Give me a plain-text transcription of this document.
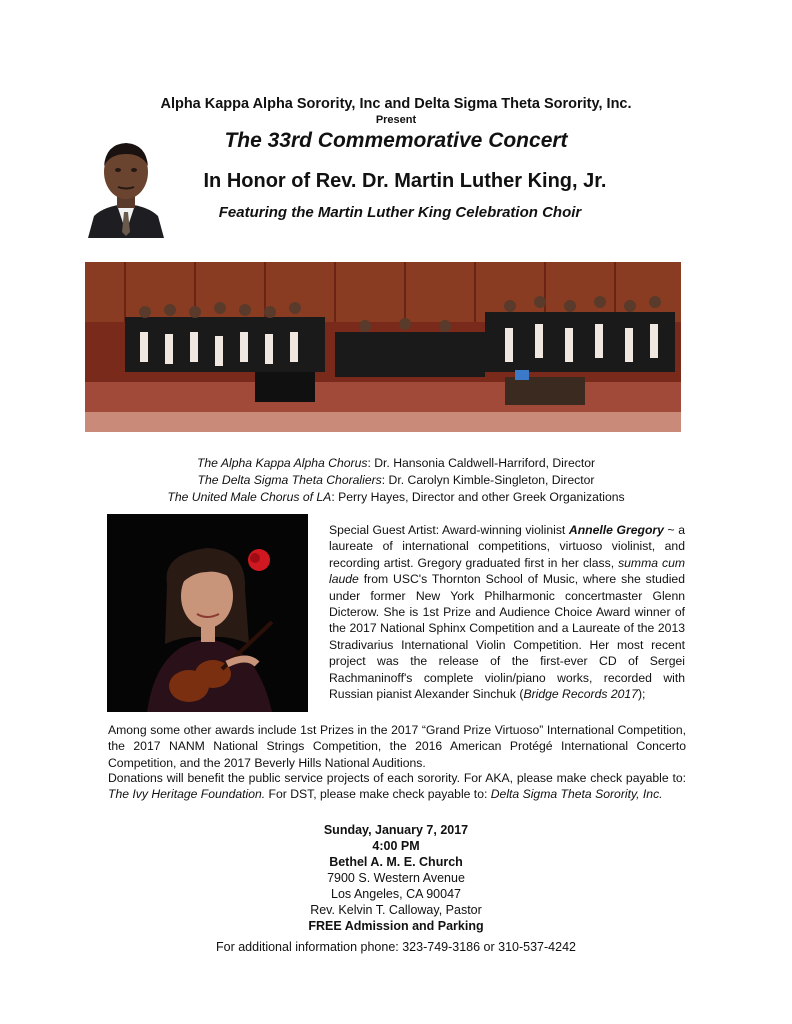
Alpha Kappa Alpha Sorority, Inc and Delta Sigma Theta Sorority, Inc.
Present
The 33rd Commemorative Concert
In Honor of Rev. Dr. Martin Luther King, Jr.
Featuring the Martin Luther King Celebration Choir
The Alpha Kappa Alpha Chorus: Dr. Hansonia Caldwell-Harriford, Director
The Delta Sigma Theta Choraliers: Dr. Carolyn Kimble-Singleton, Director
The United Male Chorus of LA: Perry Hayes, Director and other Greek Organizations
Special Guest Artist: Award-winning violinist Annelle Gregory ~ a laureate of international competitions, virtuoso violinist, and recording artist. Gregory graduated first in her class, summa cum laude from USC's Thornton School of Music, where she studied under former New York Philharmonic concertmaster Glenn Dicterow. She is 1st Prize and Audience Choice Award winner of the 2017 National Sphinx Competition and a Laureate of the 2013 Stradivarius International Violin Competition. Her most recent project was the release of the first-ever CD of Sergei Rachmaninoff's complete violin/piano works, recorded with Russian pianist Alexander Sinchuk (Bridge Records 2017);
Among some other awards include 1st Prizes in the 2017 “Grand Prize Virtuoso” International Competition, the 2017 NANM National Strings Competition, the 2016 American Protégé International Concerto Competition, and the 2017 Beverly Hills National Auditions.
Donations will benefit the public service projects of each sorority. For AKA, please make check payable to: The Ivy Heritage Foundation. For DST, please make check payable to: Delta Sigma Theta Sorority, Inc.
Sunday, January 7, 2017
4:00 PM
Bethel A. M. E. Church
7900 S. Western Avenue
Los Angeles, CA 90047
Rev. Kelvin T. Calloway, Pastor
FREE Admission and Parking
For additional information phone: 323-749-3186 or 310-537-4242
